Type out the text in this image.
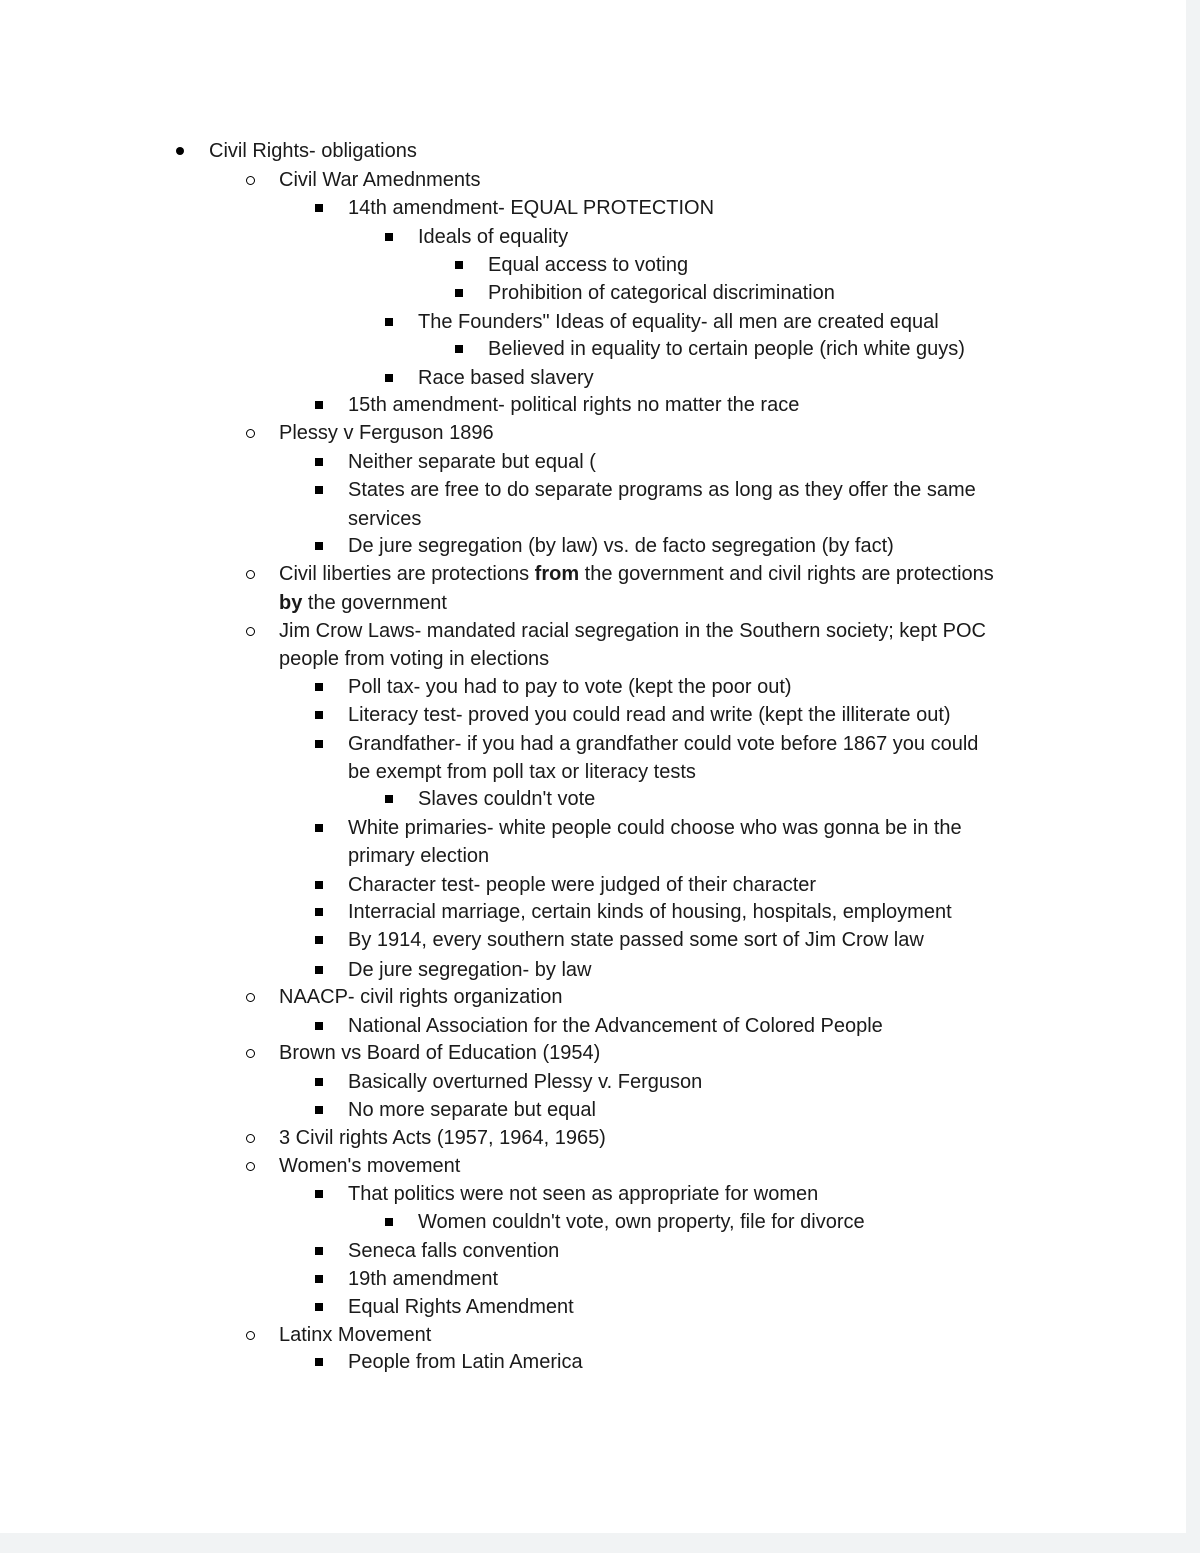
Civil Rights- obligations
Civil War Amednments
14th amendment- EQUAL PROTECTION
Ideals of equality
Equal access to voting
Prohibition of categorical discrimination
The Founders" Ideas of equality- all men are created equal
Believed in equality to certain people (rich white guys)
Race based slavery
15th amendment- political rights no matter the race
Plessy v Ferguson 1896
Neither separate but equal (
States are free to do separate programs as long as they offer the same
services
De jure segregation (by law) vs. de facto segregation (by fact)
Civil liberties are protections from the government and civil rights are protections
by the government
Jim Crow Laws- mandated racial segregation in the Southern society; kept POC
people from voting in elections
Poll tax- you had to pay to vote (kept the poor out)
Literacy test- proved you could read and write (kept the illiterate out)
Grandfather- if you had a grandfather could vote before 1867 you could
be exempt from poll tax or literacy tests
Slaves couldn't vote
White primaries- white people could choose who was gonna be in the
primary election
Character test- people were judged of their character
Interracial marriage, certain kinds of housing, hospitals, employment
By 1914, every southern state passed some sort of Jim Crow law
De jure segregation- by law
NAACP- civil rights organization
National Association for the Advancement of Colored People
Brown vs Board of Education (1954)
Basically overturned Plessy v. Ferguson
No more separate but equal
3 Civil rights Acts (1957, 1964, 1965)
Women's movement
That politics were not seen as appropriate for women
Women couldn't vote, own property, file for divorce
Seneca falls convention
19th amendment
Equal Rights Amendment
Latinx Movement
People from Latin America
